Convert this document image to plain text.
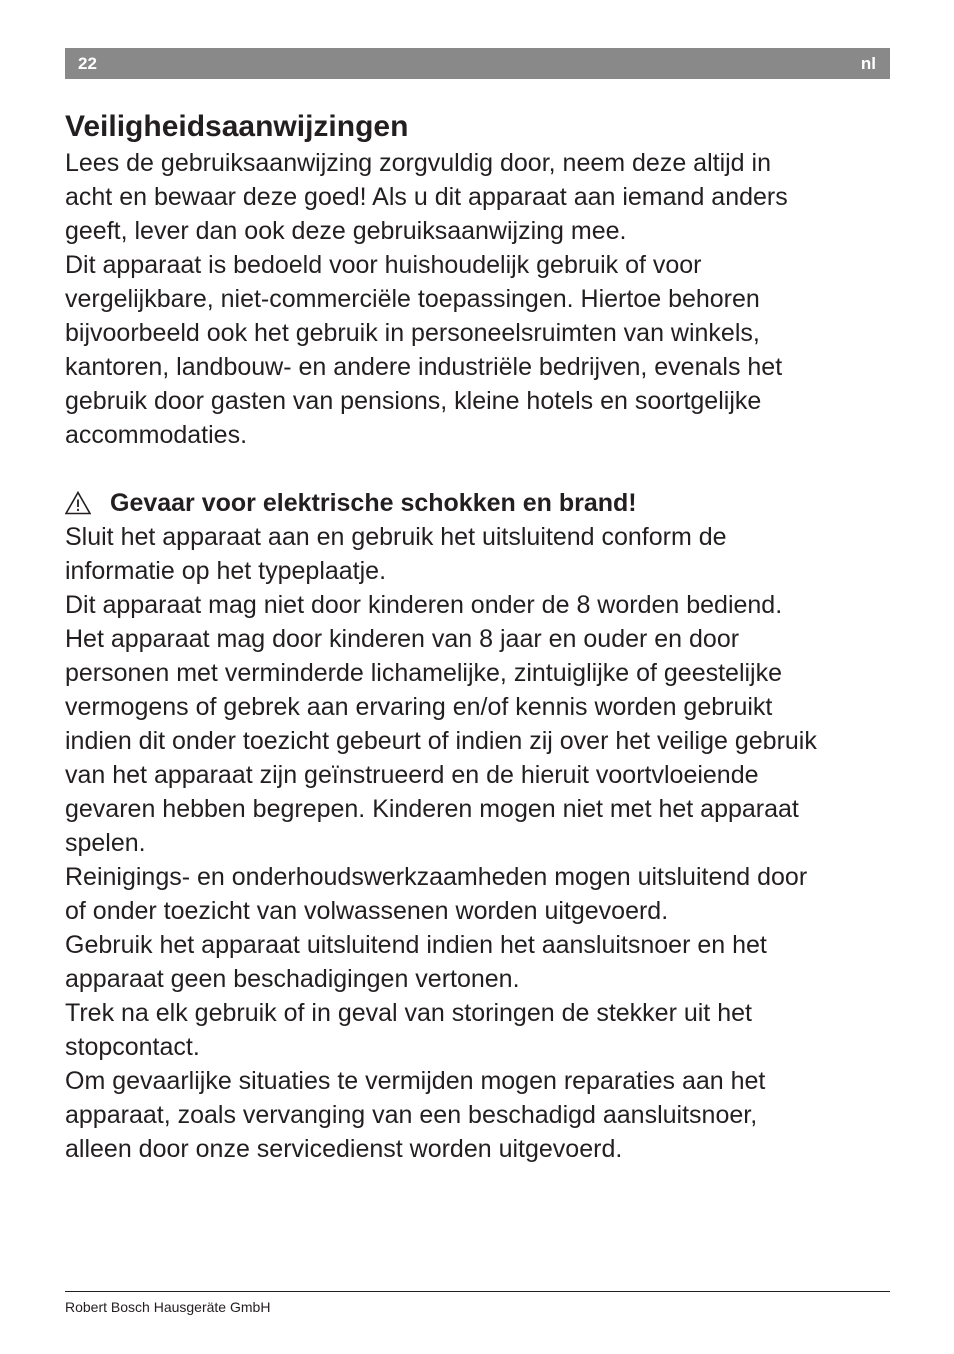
22	nl
Veiligheidsaanwijzingen
Lees de gebruiksaanwijzing zorgvuldig door, neem deze altijd in
acht en bewaar deze goed! Als u dit apparaat aan iemand anders
geeft, lever dan ook deze gebruiksaanwijzing mee.
Dit apparaat is bedoeld voor huishoudelijk gebruik of voor
vergelijkbare, niet-commerciële toepassingen. Hiertoe behoren
bijvoorbeeld ook het gebruik in personeelsruimten van winkels,
kantoren, landbouw- en andere industriële bedrijven, evenals het
gebruik door gasten van pensions, kleine hotels en soortgelijke
accommodaties.
Gevaar voor elektrische schokken en brand!
Sluit het apparaat aan en gebruik het uitsluitend conform de
informatie op het typeplaatje.
Dit apparaat mag niet door kinderen onder de 8 worden bediend.
Het apparaat mag door kinderen van 8 jaar en ouder en door
personen met verminderde lichamelijke, zintuiglijke of geestelijke
vermogens of gebrek aan ervaring en/of kennis worden gebruikt
indien dit onder toezicht gebeurt of indien zij over het veilige gebruik
van het apparaat zijn geïnstrueerd en de hieruit voortvloeiende
gevaren hebben begrepen. Kinderen mogen niet met het apparaat
spelen.
Reinigings- en onderhoudswerkzaamheden mogen uitsluitend door
of onder toezicht van volwassenen worden uitgevoerd.
Gebruik het apparaat uitsluitend indien het aansluitsnoer en het
apparaat geen beschadigingen vertonen.
Trek na elk gebruik of in geval van storingen de stekker uit het
stopcontact.
Om gevaarlijke situaties te vermijden mogen reparaties aan het
apparaat, zoals vervanging van een beschadigd aansluitsnoer,
alleen door onze servicedienst worden uitgevoerd.
Robert Bosch Hausgeräte GmbH
